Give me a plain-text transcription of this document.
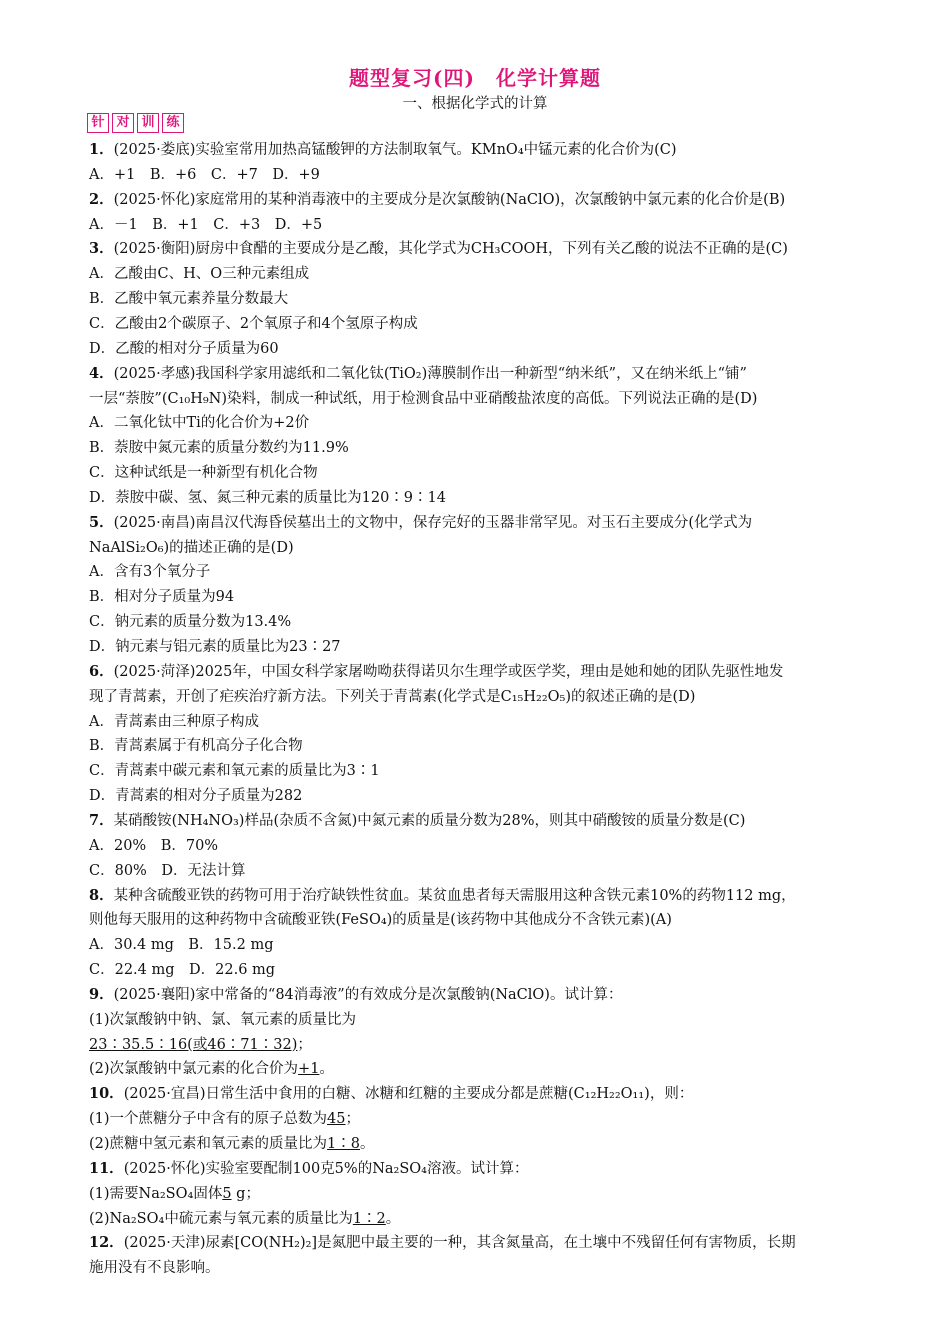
题型复习(四)　化学计算题
一、根据化学式的计算
针 对 训 练
1．(2025·娄底)实验室常用加热高锰酸钾的方法制取氧气。KMnO₄中锰元素的化合价为(C)
A．+1　B．+6　C．+7　D．+9
2．(2025·怀化)家庭常用的某种消毒液中的主要成分是次氯酸钠(NaClO)，次氯酸钠中氯元素的化合价是(B)
A．－1　B．+1　C．+3　D．+5
3．(2025·衡阳)厨房中食醋的主要成分是乙酸，其化学式为CH₃COOH，下列有关乙酸的说法不正确的是(C)
A．乙酸由C、H、O三种元素组成
B．乙酸中氧元素养量分数最大
C．乙酸由2个碳原子、2个氧原子和4个氢原子构成
D．乙酸的相对分子质量为60
4．(2025·孝感)我国科学家用滤纸和二氧化钛(TiO₂)薄膜制作出一种新型“纳米纸”，又在纳米纸上“铺”
一层“萘胺”(C₁₀H₉N)染料，制成一种试纸，用于检测食品中亚硝酸盐浓度的高低。下列说法正确的是(D)
A．二氧化钛中Ti的化合价为+2价
B．萘胺中氮元素的质量分数约为11.9%
C．这种试纸是一种新型有机化合物
D．萘胺中碳、氢、氮三种元素的质量比为120∶9∶14
5．(2025·南昌)南昌汉代海昏侯墓出土的文物中，保存完好的玉器非常罕见。对玉石主要成分(化学式为
NaAlSi₂O₆)的描述正确的是(D)
A．含有3个氧分子
B．相对分子质量为94
C．钠元素的质量分数为13.4%
D．钠元素与铝元素的质量比为23∶27
6．(2025·菏泽)2025年，中国女科学家屠呦呦获得诺贝尔生理学或医学奖，理由是她和她的团队先驱性地发
现了青蒿素，开创了疟疾治疗新方法。下列关于青蒿素(化学式是C₁₅H₂₂O₅)的叙述正确的是(D)
A．青蒿素由三种原子构成
B．青蒿素属于有机高分子化合物
C．青蒿素中碳元素和氧元素的质量比为3∶1
D．青蒿素的相对分子质量为282
7．某硝酸铵(NH₄NO₃)样品(杂质不含氮)中氮元素的质量分数为28%，则其中硝酸铵的质量分数是(C)
A．20%　B．70%
C．80%　D．无法计算
8．某种含硫酸亚铁的药物可用于治疗缺铁性贫血。某贫血患者每天需服用这种含铁元素10%的药物112 mg，
则他每天服用的这种药物中含硫酸亚铁(FeSO₄)的质量是(该药物中其他成分不含铁元素)(A)
A．30.4 mg　B．15.2 mg
C．22.4 mg　D．22.6 mg
9．(2025·襄阳)家中常备的“84消毒液”的有效成分是次氯酸钠(NaClO)。试计算：
(1)次氯酸钠中钠、氯、氧元素的质量比为
23∶35.5∶16(或46∶71∶32)；
(2)次氯酸钠中氯元素的化合价为+1。
10．(2025·宜昌)日常生活中食用的白糖、冰糖和红糖的主要成分都是蔗糖(C₁₂H₂₂O₁₁)，则：
(1)一个蔗糖分子中含有的原子总数为45；
(2)蔗糖中氢元素和氧元素的质量比为1∶8。
11．(2025·怀化)实验室要配制100克5%的Na₂SO₄溶液。试计算：
(1)需要Na₂SO₄固体5 g；
(2)Na₂SO₄中硫元素与氧元素的质量比为1∶2。
12．(2025·天津)尿素[CO(NH₂)₂]是氮肥中最主要的一种，其含氮量高，在土壤中不残留任何有害物质，长期
施用没有不良影响。
